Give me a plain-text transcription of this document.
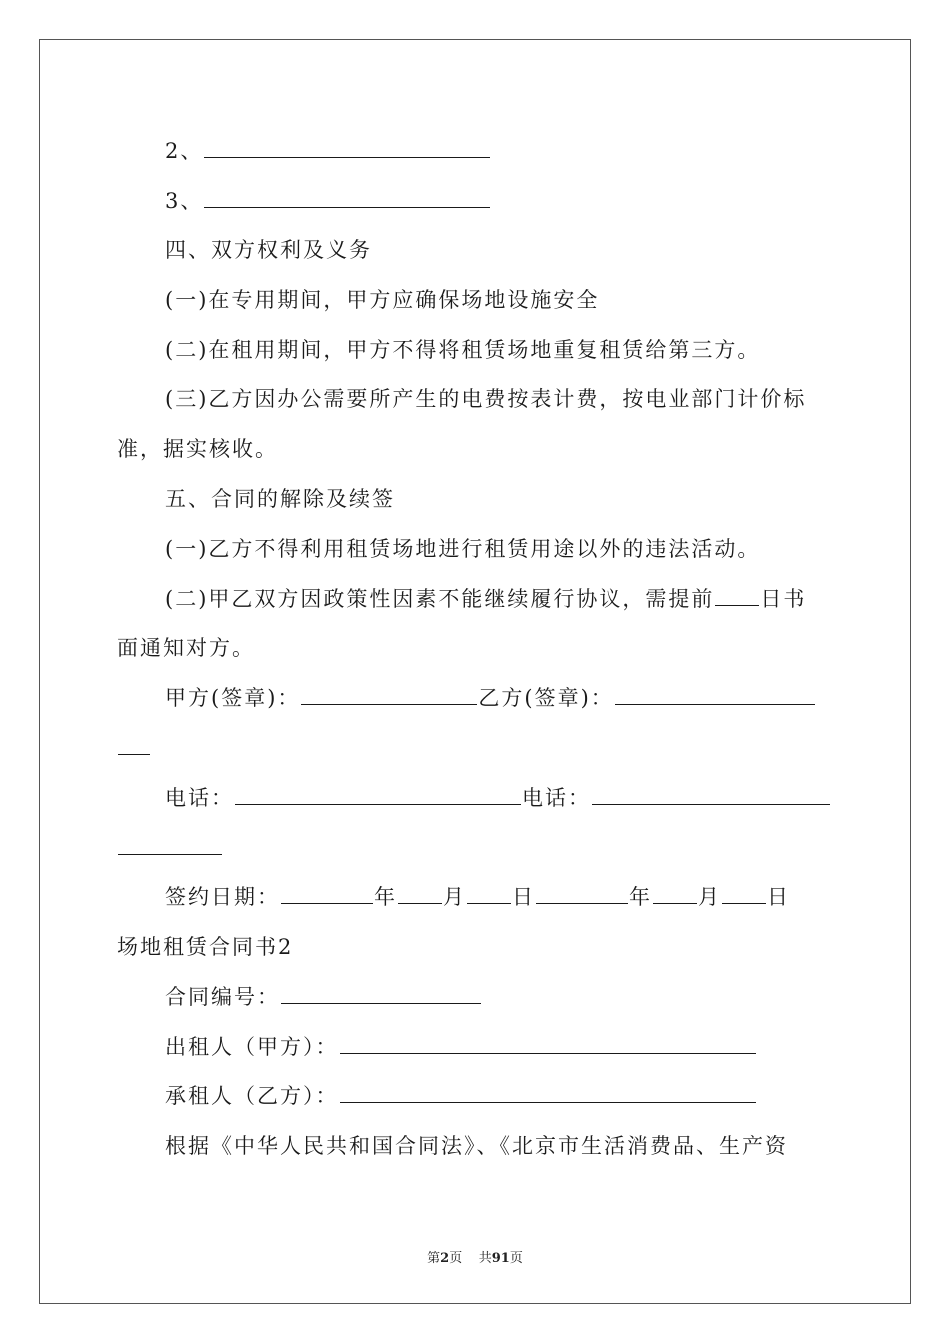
2、
3、
四、双方权利及义务
(一)在专用期间，甲方应确保场地设施安全
(二)在租用期间，甲方不得将租赁场地重复租赁给第三方。
(三)乙方因办公需要所产生的电费按表计费，按电业部门计价标
准，据实核收。
五、合同的解除及续签
(一)乙方不得利用租赁场地进行租赁用途以外的违法活动。
(二)甲乙双方因政策性因素不能继续履行协议，需提前 日书
面通知对方。
甲方(签章)：	乙方(签章)：
电话：	电话：
签约日期：	年 月 日	年 月 日
场地租赁合同书2
合同编号：
出租人（甲方）：
承租人（乙方）：
根据《中华人民共和国合同法》、《北京市生活消费品、生产资
第2页 共91页
